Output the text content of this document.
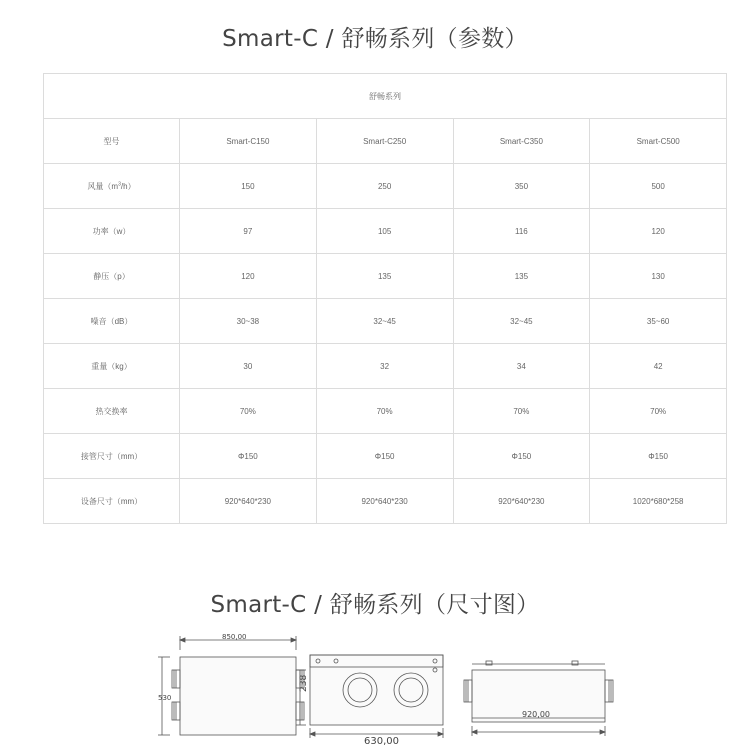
Smart-C / 舒畅系列（参数）
舒畅系列				
型号	Smart-C150	Smart-C250	Smart-C350	Smart-C500
风量$(m^3/h)$	150	250	350	500
功率（w）	97	105	116	120
静压（p）	120	135	135	130
噪音（dB）	30~38	32~45	32~45	35~60
重量（kg）	30	32	34	42
热交换率	70%	70%	70%	70%
接管尺寸（mm）	Φ150	Φ150	Φ150	Φ150
设备尺寸（mm）	920*640*230	920*640*230	920*640*230	1020*680*258
Smart-C / 舒畅系列（尺寸图）
850,00
530
238
630,00
920,00
